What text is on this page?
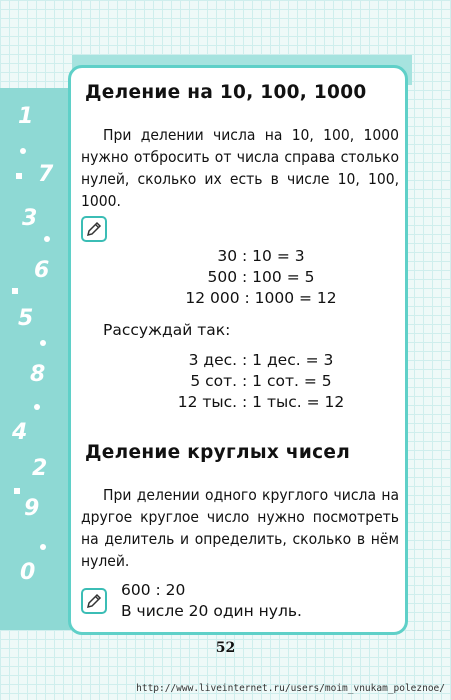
1
7
3
6
5
8
4
2
9
0
Деление на 10, 100, 1000

При делении числа на 10, 100, 1000 нужно отбросить от числа справа столько нулей, сколько их есть в числе 10, 100, 1000.

30 : 10 = 3

500 : 100 = 5

12 000 : 1000 = 12

Рассуждай так:

3 дес. : 1 дес. = 3

5 сот. : 1 сот. = 5

12 тыс. : 1 тыс. = 12

Деление круглых чисел

При делении одного круглого числа на другое круглое число нужно посмотреть на делитель и определить, сколько в нём нулей.

600 : 20

В числе 20 один нуль.

52
http://www.liveinternet.ru/users/moim_vnukam_poleznoe/
